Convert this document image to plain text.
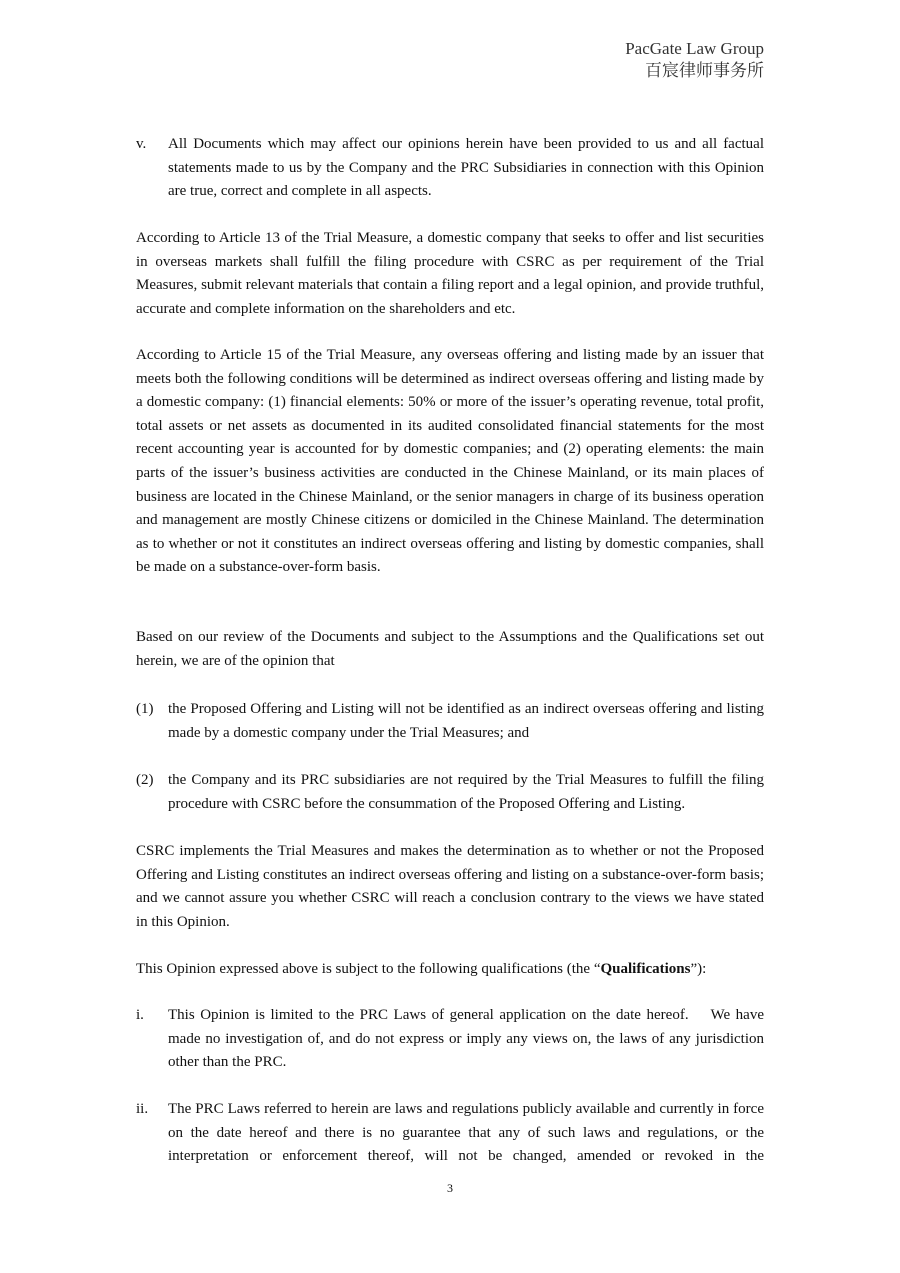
PacGate Law Group
百宸律师事务所
v. All Documents which may affect our opinions herein have been provided to us and all factual statements made to us by the Company and the PRC Subsidiaries in connection with this Opinion are true, correct and complete in all aspects.
According to Article 13 of the Trial Measure, a domestic company that seeks to offer and list securities in overseas markets shall fulfill the filing procedure with CSRC as per requirement of the Trial Measures, submit relevant materials that contain a filing report and a legal opinion, and provide truthful, accurate and complete information on the shareholders and etc.
According to Article 15 of the Trial Measure, any overseas offering and listing made by an issuer that meets both the following conditions will be determined as indirect overseas offering and listing made by a domestic company: (1) financial elements: 50% or more of the issuer’s operating revenue, total profit, total assets or net assets as documented in its audited consolidated financial statements for the most recent accounting year is accounted for by domestic companies; and (2) operating elements: the main parts of the issuer’s business activities are conducted in the Chinese Mainland, or its main places of business are located in the Chinese Mainland, or the senior managers in charge of its business operation and management are mostly Chinese citizens or domiciled in the Chinese Mainland. The determination as to whether or not it constitutes an indirect overseas offering and listing by domestic companies, shall be made on a substance-over-form basis.
Based on our review of the Documents and subject to the Assumptions and the Qualifications set out herein, we are of the opinion that
(1) the Proposed Offering and Listing will not be identified as an indirect overseas offering and listing made by a domestic company under the Trial Measures; and
(2) the Company and its PRC subsidiaries are not required by the Trial Measures to fulfill the filing procedure with CSRC before the consummation of the Proposed Offering and Listing.
CSRC implements the Trial Measures and makes the determination as to whether or not the Proposed Offering and Listing constitutes an indirect overseas offering and listing on a substance-over-form basis; and we cannot assure you whether CSRC will reach a conclusion contrary to the views we have stated in this Opinion.
This Opinion expressed above is subject to the following qualifications (the “Qualifications”):
i. This Opinion is limited to the PRC Laws of general application on the date hereof.    We have made no investigation of, and do not express or imply any views on, the laws of any jurisdiction other than the PRC.
ii. The PRC Laws referred to herein are laws and regulations publicly available and currently in force on the date hereof and there is no guarantee that any of such laws and regulations, or the interpretation or enforcement thereof, will not be changed, amended or revoked in the
3
